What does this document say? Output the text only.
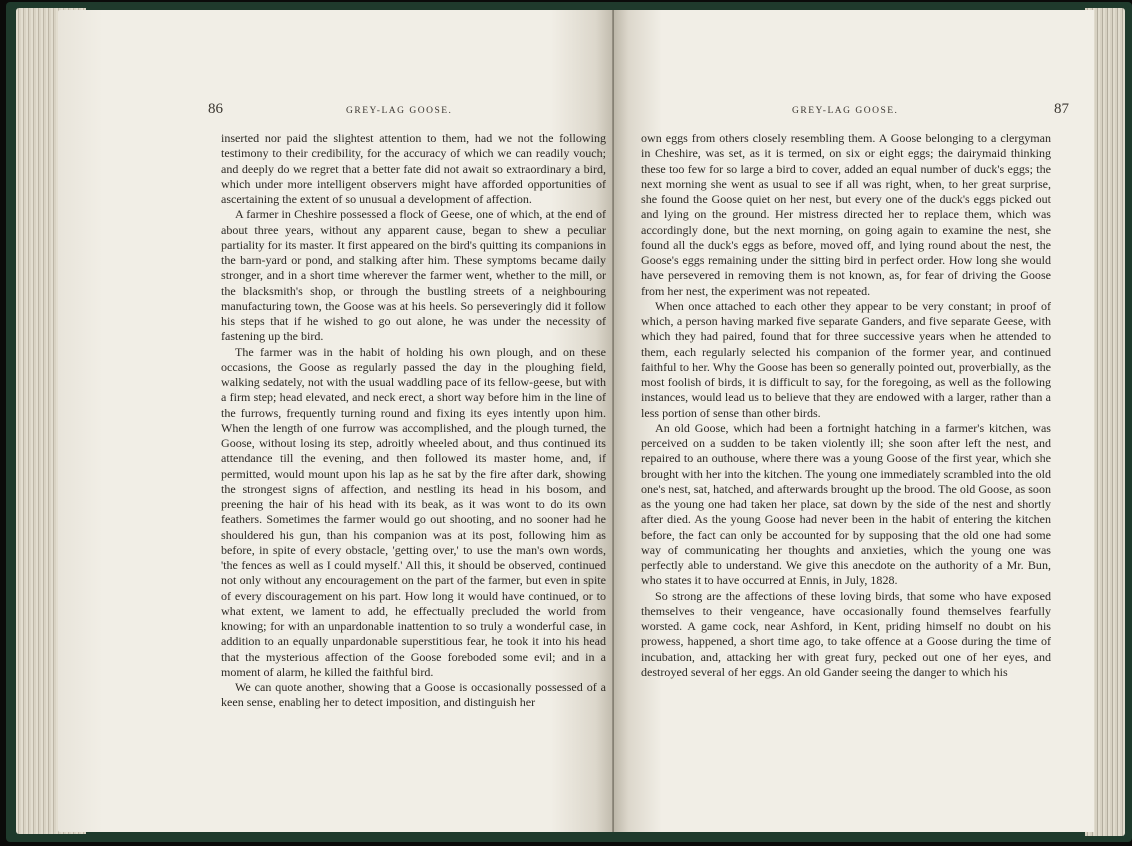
86	GREY-LAG GOOSE.

inserted nor paid the slightest attention to them, had we not the following testimony to their credibility, for the accuracy of which we can readily vouch; and deeply do we regret that a better fate did not await so extraordinary a bird, which under more intelligent observers might have afforded opportunities of ascertaining the extent of so unusual a development of affection.

A farmer in Cheshire possessed a flock of Geese, one of which, at the end of about three years, without any apparent cause, began to shew a peculiar partiality for its master. It first appeared on the bird's quitting its companions in the barn-yard or pond, and stalking after him. These symptoms became daily stronger, and in a short time wherever the farmer went, whether to the mill, or the blacksmith's shop, or through the bustling streets of a neighbouring manufacturing town, the Goose was at his heels. So perseveringly did it follow his steps that if he wished to go out alone, he was under the necessity of fastening up the bird.

The farmer was in the habit of holding his own plough, and on these occasions, the Goose as regularly passed the day in the ploughing field, walking sedately, not with the usual waddling pace of its fellow-geese, but with a firm step; head elevated, and neck erect, a short way before him in the line of the furrows, frequently turning round and fixing its eyes intently upon him. When the length of one furrow was accomplished, and the plough turned, the Goose, without losing its step, adroitly wheeled about, and thus continued its attendance till the evening, and then followed its master home, and, if permitted, would mount upon his lap as he sat by the fire after dark, showing the strongest signs of affection, and nestling its head in his bosom, and preening the hair of his head with its beak, as it was wont to do its own feathers. Sometimes the farmer would go out shooting, and no sooner had he shouldered his gun, than his companion was at its post, following him as before, in spite of every obstacle, 'getting over,' to use the man's own words, 'the fences as well as I could myself.' All this, it should be observed, continued not only without any encouragement on the part of the farmer, but even in spite of every discouragement on his part. How long it would have continued, or to what extent, we lament to add, he effectually precluded the world from knowing; for with an unpardonable inattention to so truly a wonderful case, in addition to an equally unpardonable superstitious fear, he took it into his head that the mysterious affection of the Goose foreboded some evil; and in a moment of alarm, he killed the faithful bird.

We can quote another, showing that a Goose is occasionally possessed of a keen sense, enabling her to detect imposition, and distinguish her

GREY-LAG GOOSE.	87

own eggs from others closely resembling them. A Goose belonging to a clergyman in Cheshire, was set, as it is termed, on six or eight eggs; the dairymaid thinking these too few for so large a bird to cover, added an equal number of duck's eggs; the next morning she went as usual to see if all was right, when, to her great surprise, she found the Goose quiet on her nest, but every one of the duck's eggs picked out and lying on the ground. Her mistress directed her to replace them, which was accordingly done, but the next morning, on going again to examine the nest, she found all the duck's eggs as before, moved off, and lying round about the nest, the Goose's eggs remaining under the sitting bird in perfect order. How long she would have persevered in removing them is not known, as, for fear of driving the Goose from her nest, the experiment was not repeated.

When once attached to each other they appear to be very constant; in proof of which, a person having marked five separate Ganders, and five separate Geese, with which they had paired, found that for three successive years when he attended to them, each regularly selected his companion of the former year, and continued faithful to her. Why the Goose has been so generally pointed out, proverbially, as the most foolish of birds, it is difficult to say, for the foregoing, as well as the following instances, would lead us to believe that they are endowed with a larger, rather than a less portion of sense than other birds.

An old Goose, which had been a fortnight hatching in a farmer's kitchen, was perceived on a sudden to be taken violently ill; she soon after left the nest, and repaired to an outhouse, where there was a young Goose of the first year, which she brought with her into the kitchen. The young one immediately scrambled into the old one's nest, sat, hatched, and afterwards brought up the brood. The old Goose, as soon as the young one had taken her place, sat down by the side of the nest and shortly after died. As the young Goose had never been in the habit of entering the kitchen before, the fact can only be accounted for by supposing that the old one had some way of communicating her thoughts and anxieties, which the young one was perfectly able to understand. We give this anecdote on the authority of a Mr. Bun, who states it to have occurred at Ennis, in July, 1828.

So strong are the affections of these loving birds, that some who have exposed themselves to their vengeance, have occasionally found themselves fearfully worsted. A game cock, near Ashford, in Kent, priding himself no doubt on his prowess, happened, a short time ago, to take offence at a Goose during the time of incubation, and, attacking her with great fury, pecked out one of her eyes, and destroyed several of her eggs. An old Gander seeing the danger to which his
